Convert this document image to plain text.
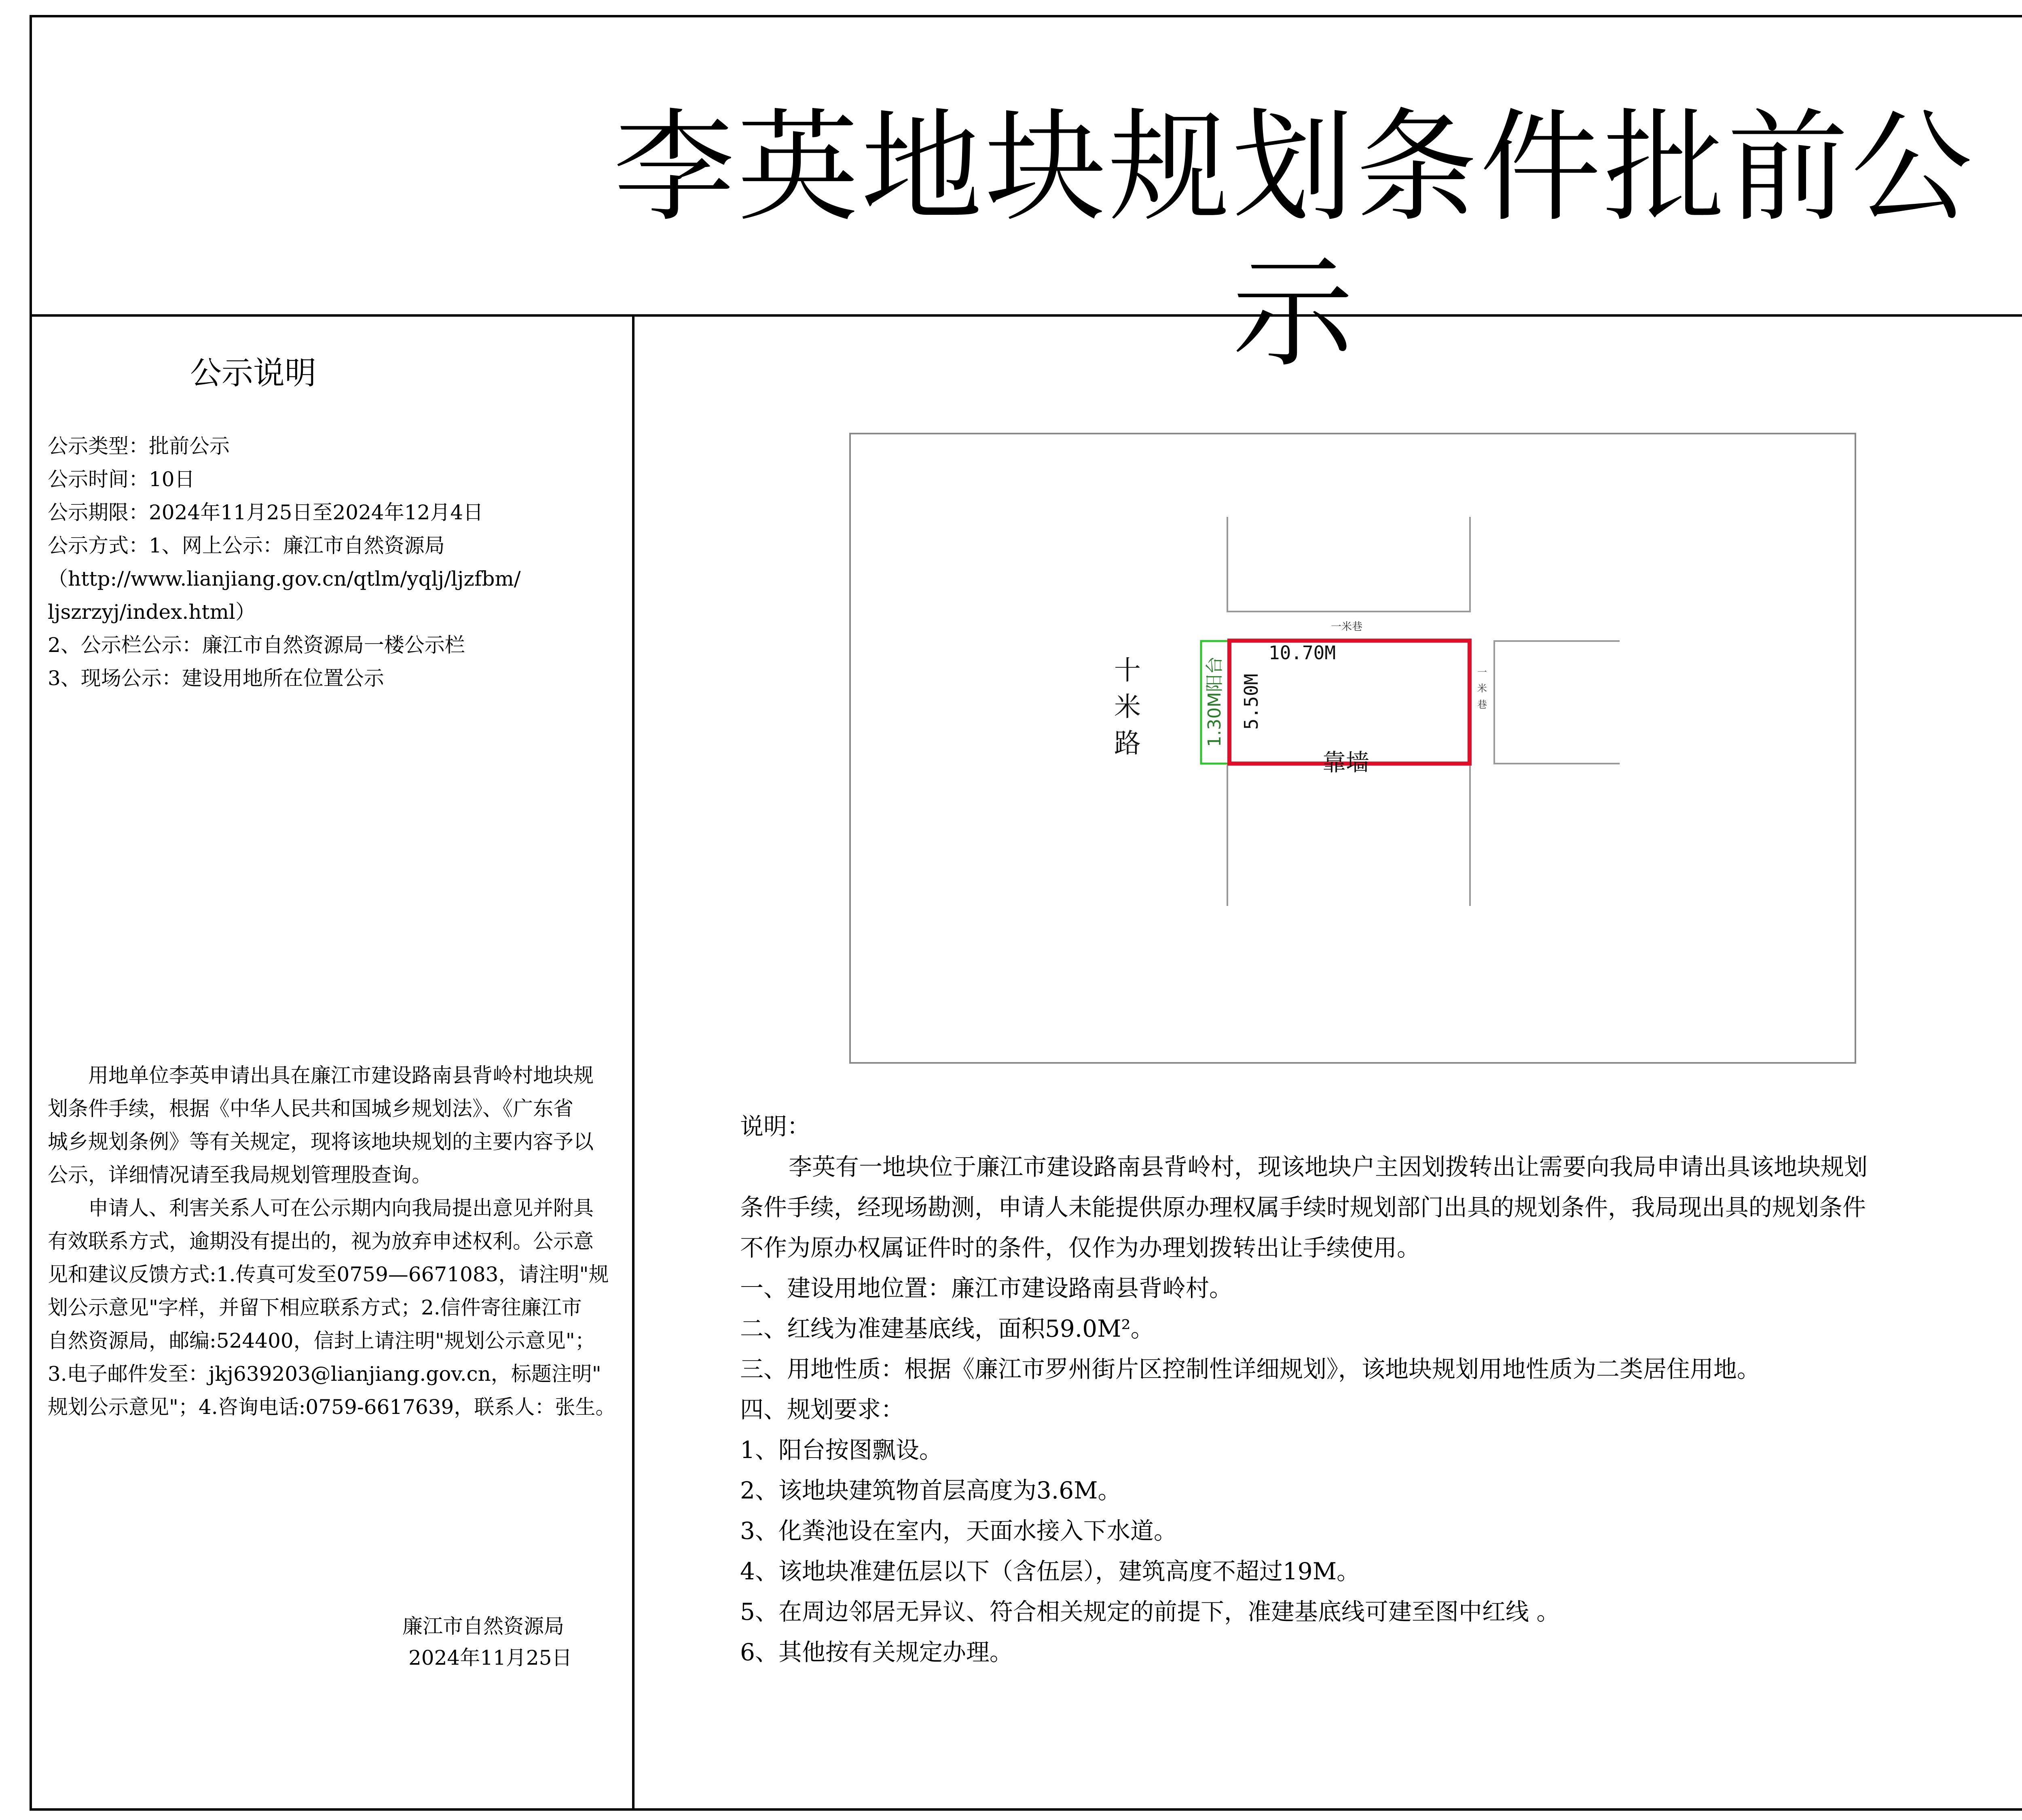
李英地块规划条件批前公示
公示说明
公示类型：批前公示
公示时间：10日
公示期限：2024年11月25日至2024年12月4日
公示方式：1、网上公示：廉江市自然资源局
（http://www.lianjiang.gov.cn/qtlm/yqlj/ljzfbm/
ljszrzyj/index.html）
2、公示栏公示：廉江市自然资源局一楼公示栏
3、现场公示：建设用地所在位置公示
用地单位李英申请出具在廉江市建设路南县背岭村地块规
划条件手续，根据《中华人民共和国城乡规划法》、《广东省
城乡规划条例》等有关规定，现将该地块规划的主要内容予以
公示，详细情况请至我局规划管理股查询。
申请人、利害关系人可在公示期内向我局提出意见并附具
有效联系方式，逾期没有提出的，视为放弃申述权利。公示意
见和建议反馈方式:1.传真可发至0759—6671083，请注明"规
划公示意见"字样，并留下相应联系方式；2.信件寄往廉江市
自然资源局，邮编:524400，信封上请注明"规划公示意见"；
3.电子邮件发至：jkj639203@lianjiang.gov.cn，标题注明"
规划公示意见"；4.咨询电话:0759-6617639，联系人：张生。
廉江市自然资源局
2024年11月25日
一米巷
10.70M
5.50M
1.30M阳台
靠墙
十
米
路
一
米
巷
说明：
李英有一地块位于廉江市建设路南县背岭村，现该地块户主因划拨转出让需要向我局申请出具该地块规划
条件手续，经现场勘测，申请人未能提供原办理权属手续时规划部门出具的规划条件，我局现出具的规划条件
不作为原办权属证件时的条件，仅作为办理划拨转出让手续使用。
一、建设用地位置：廉江市建设路南县背岭村。
二、红线为准建基底线，面积59.0M²。
三、用地性质：根据《廉江市罗州街片区控制性详细规划》，该地块规划用地性质为二类居住用地。
四、规划要求：
1、阳台按图飘设。
2、该地块建筑物首层高度为3.6M。
3、化粪池设在室内，天面水接入下水道。
4、该地块准建伍层以下（含伍层），建筑高度不超过19M。
5、在周边邻居无异议、符合相关规定的前提下，准建基底线可建至图中红线 。
6、其他按有关规定办理。
